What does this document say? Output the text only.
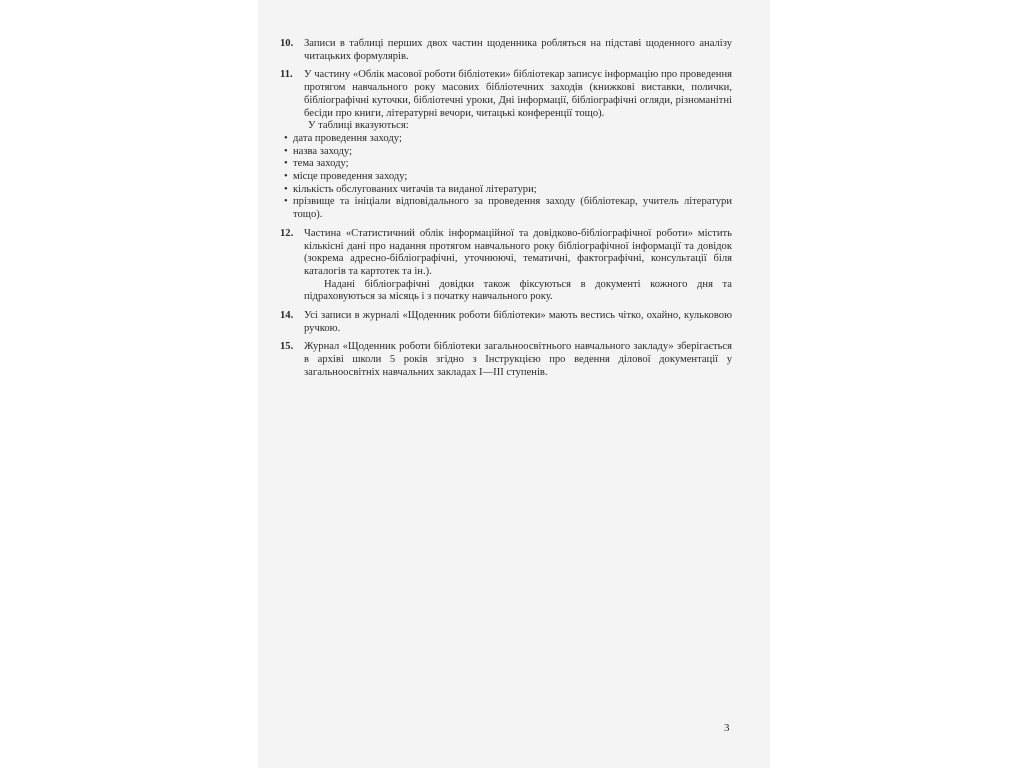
10.	Записи в таблиці перших двох частин щоденника робляться на підставі щоденного аналізу читацьких формулярів.

11.	У частину «Облік масової роботи бібліотеки» бібліотекар записує інформацію про проведення протягом навчального року масових бібліотечних заходів (книжкові виставки, полички, бібліографічні куточки, бібліотечні уроки, Дні інформації, бібліографічні огляди, різноманітні бесіди про книги, літературні вечори, читацькі конференції тощо).

У таблиці вказуються:

• дата проведення заходу;
• назва заходу;
• тема заходу;
• місце проведення заходу;
• кількість обслугованих читачів та виданої літератури;
• прізвище та ініціали відповідального за проведення заходу (бібліотекар, учитель літератури тощо).
12.	Частина «Статистичний облік інформаційної та довідково-бібліографічної роботи» містить кількісні дані про надання протягом навчального року бібліографічної інформації та довідок (зокрема адресно-бібліографічні, уточнюючі, тематичні, фактографічні, консультації біля каталогів та картотек та ін.).

Надані бібліографічні довідки також фіксуються в документі кожного дня та підраховуються за місяць і з початку навчального року.

14.	Усі записи в журналі «Щоденник роботи бібліотеки» мають вестись чітко, охайно, кульковою ручкою.

15.	Журнал «Щоденник роботи бібліотеки загальноосвітнього навчального закладу» зберігається в архіві школи 5 років згідно з Інструкцією про ведення ділової документації у загальноосвітніх навчальних закладах І—ІІІ ступенів.

3
